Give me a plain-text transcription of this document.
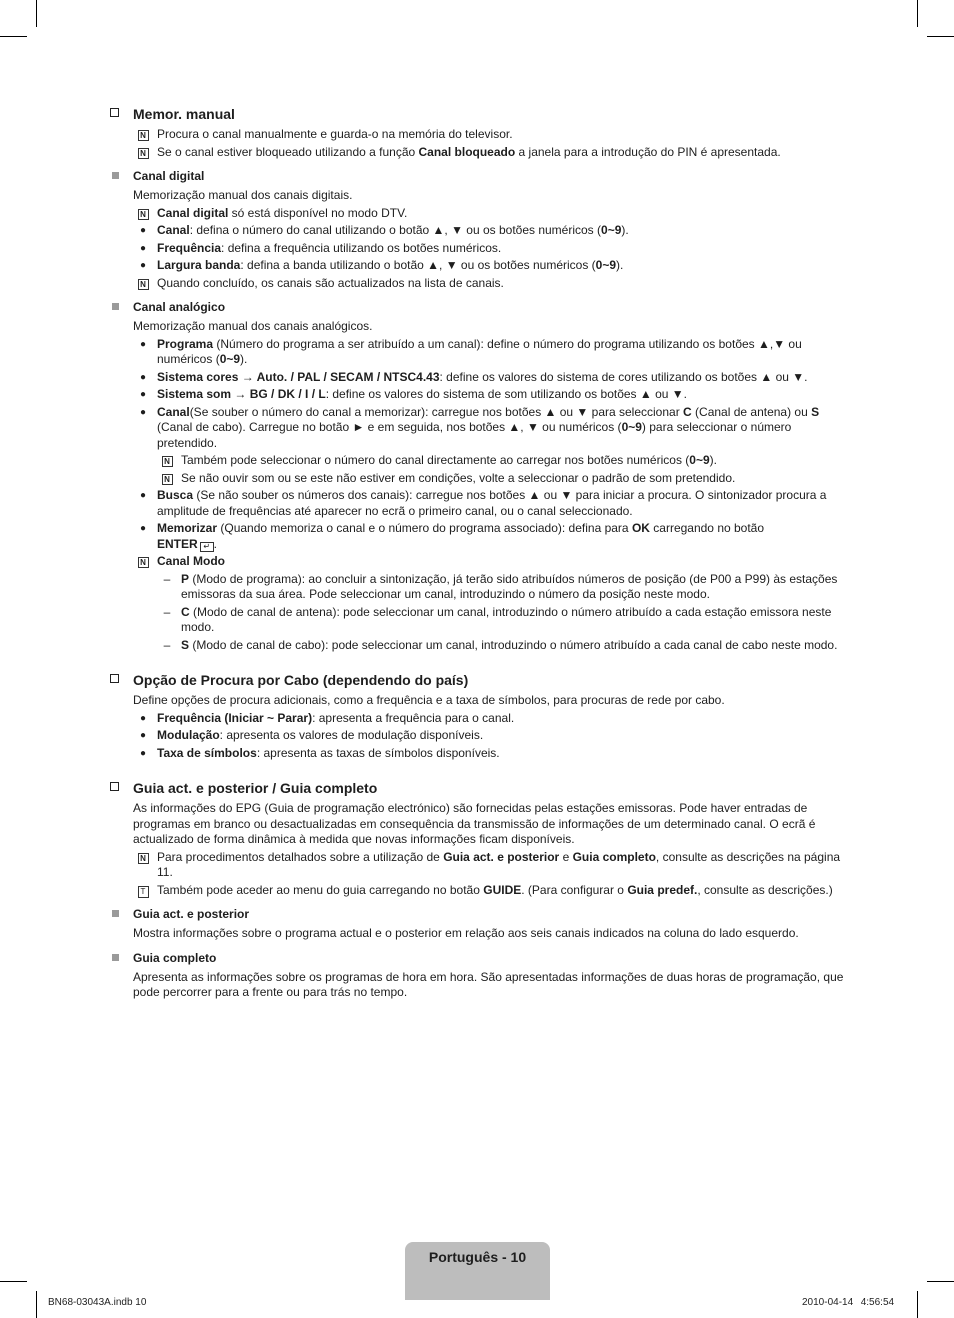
Memor. manual
N Procura o canal manualmente e guarda-o na memória do televisor.
N Se o canal estiver bloqueado utilizando a função Canal bloqueado a janela para a introdução do PIN é apresentada.
Canal digital
Memorização manual dos canais digitais.
N Canal digital só está disponível no modo DTV.
● Canal: defina o número do canal utilizando o botão ▲, ▼ ou os botões numéricos (0~9).
● Frequência: defina a frequência utilizando os botões numéricos.
● Largura banda: defina a banda utilizando o botão ▲, ▼ ou os botões numéricos (0~9).
N Quando concluído, os canais são actualizados na lista de canais.
Canal analógico
Memorização manual dos canais analógicos.
● Programa (Número do programa a ser atribuído a um canal): define o número do programa utilizando os botões ▲,▼ ou numéricos (0~9).
● Sistema cores → Auto. / PAL / SECAM / NTSC4.43: define os valores do sistema de cores utilizando os botões ▲ ou ▼.
● Sistema som → BG / DK / I / L: define os valores do sistema de som utilizando os botões ▲ ou ▼.
● Canal(Se souber o número do canal a memorizar): carregue nos botões ▲ ou ▼ para seleccionar C (Canal de antena) ou S (Canal de cabo). Carregue no botão ► e em seguida, nos botões ▲, ▼ ou numéricos (0~9) para seleccionar o número pretendido.
N Também pode seleccionar o número do canal directamente ao carregar nos botões numéricos (0~9).
N Se não ouvir som ou se este não estiver em condições, volte a seleccionar o padrão de som pretendido.
● Busca (Se não souber os números dos canais): carregue nos botões ▲ ou ▼ para iniciar a procura. O sintonizador procura a amplitude de frequências até aparecer no ecrã o primeiro canal, ou o canal seleccionado.
● Memorizar (Quando memoriza o canal e o número do programa associado): defina para OK carregando no botão
ENTER ↵ .
N Canal Modo
– P (Modo de programa): ao concluir a sintonização, já terão sido atribuídos números de posição (de P00 a P99) às estações emissoras da sua área. Pode seleccionar um canal, introduzindo o número da posição neste modo.
– C (Modo de canal de antena): pode seleccionar um canal, introduzindo o número atribuído a cada estação emissora neste modo.
– S (Modo de canal de cabo): pode seleccionar um canal, introduzindo o número atribuído a cada canal de cabo neste modo.
Opção de Procura por Cabo (dependendo do país)
Define opções de procura adicionais, como a frequência e a taxa de símbolos, para procuras de rede por cabo.
● Frequência (Iniciar ~ Parar): apresenta a frequência para o canal.
● Modulação: apresenta os valores de modulação disponíveis.
● Taxa de símbolos: apresenta as taxas de símbolos disponíveis.
Guia act. e posterior / Guia completo
As informações do EPG (Guia de programação electrónico) são fornecidas pelas estações emissoras. Pode haver entradas de programas em branco ou desactualizadas em consequência da transmissão de informações de um determinado canal. O ecrã é actualizado de forma dinâmica à medida que novas informações ficam disponíveis.
N Para procedimentos detalhados sobre a utilização de Guia act. e posterior e Guia completo, consulte as descrições na página 11.
T Também pode aceder ao menu do guia carregando no botão GUIDE. (Para configurar o Guia predef., consulte as descrições.)
Guia act. e posterior
Mostra informações sobre o programa actual e o posterior em relação aos seis canais indicados na coluna do lado esquerdo.
Guia completo
Apresenta as informações sobre os programas de hora em hora. São apresentadas informações de duas horas de programação, que pode percorrer para a frente ou para trás no tempo.
Português - 10
BN68-03043A.indb 10	2010-04-14   4:56:54
